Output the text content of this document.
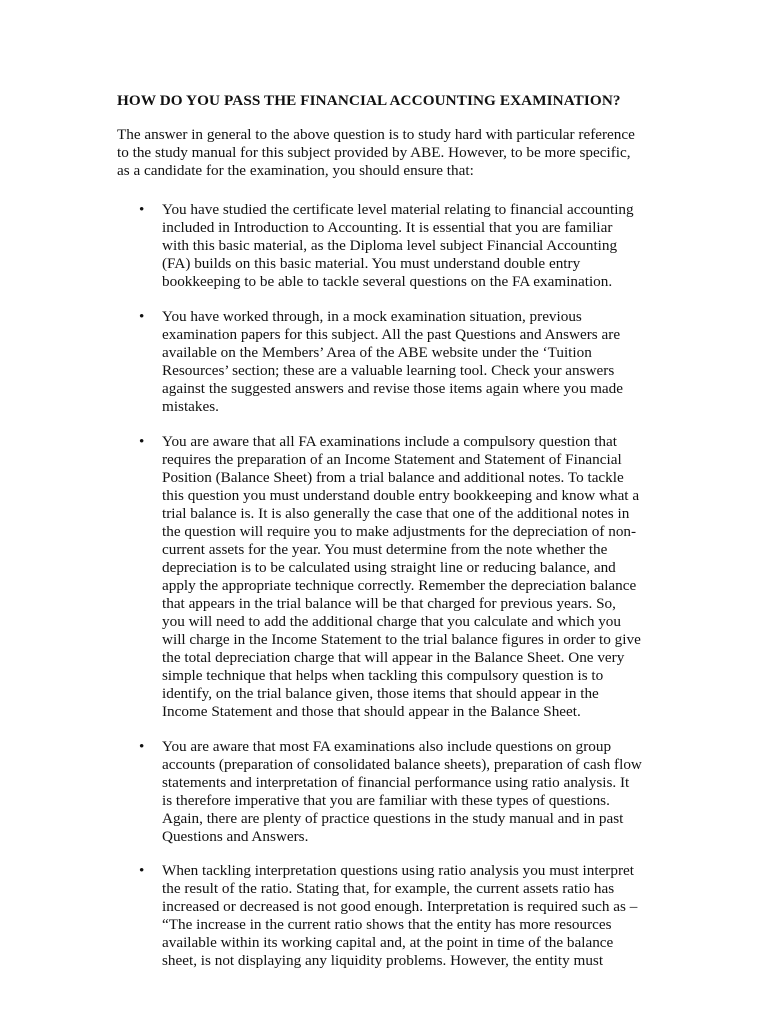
HOW DO YOU PASS THE FINANCIAL ACCOUNTING EXAMINATION?
The answer in general to the above question is to study hard with particular reference
to the study manual for this subject provided by ABE. However, to be more specific,
as a candidate for the examination, you should ensure that:
• You have studied the certificate level material relating to financial accounting
included in Introduction to Accounting. It is essential that you are familiar
with this basic material, as the Diploma level subject Financial Accounting
(FA) builds on this basic material. You must understand double entry
bookkeeping to be able to tackle several questions on the FA examination.
• You have worked through, in a mock examination situation, previous
examination papers for this subject. All the past Questions and Answers are
available on the Members’ Area of the ABE website under the ‘Tuition
Resources’ section; these are a valuable learning tool. Check your answers
against the suggested answers and revise those items again where you made
mistakes.
• You are aware that all FA examinations include a compulsory question that
requires the preparation of an Income Statement and Statement of Financial
Position (Balance Sheet) from a trial balance and additional notes. To tackle
this question you must understand double entry bookkeeping and know what a
trial balance is. It is also generally the case that one of the additional notes in
the question will require you to make adjustments for the depreciation of non-
current assets for the year. You must determine from the note whether the
depreciation is to be calculated using straight line or reducing balance, and
apply the appropriate technique correctly. Remember the depreciation balance
that appears in the trial balance will be that charged for previous years. So,
you will need to add the additional charge that you calculate and which you
will charge in the Income Statement to the trial balance figures in order to give
the total depreciation charge that will appear in the Balance Sheet. One very
simple technique that helps when tackling this compulsory question is to
identify, on the trial balance given, those items that should appear in the
Income Statement and those that should appear in the Balance Sheet.
• You are aware that most FA examinations also include questions on group
accounts (preparation of consolidated balance sheets), preparation of cash flow
statements and interpretation of financial performance using ratio analysis. It
is therefore imperative that you are familiar with these types of questions.
Again, there are plenty of practice questions in the study manual and in past
Questions and Answers.
• When tackling interpretation questions using ratio analysis you must interpret
the result of the ratio. Stating that, for example, the current assets ratio has
increased or decreased is not good enough. Interpretation is required such as –
“The increase in the current ratio shows that the entity has more resources
available within its working capital and, at the point in time of the balance
sheet, is not displaying any liquidity problems. However, the entity must
